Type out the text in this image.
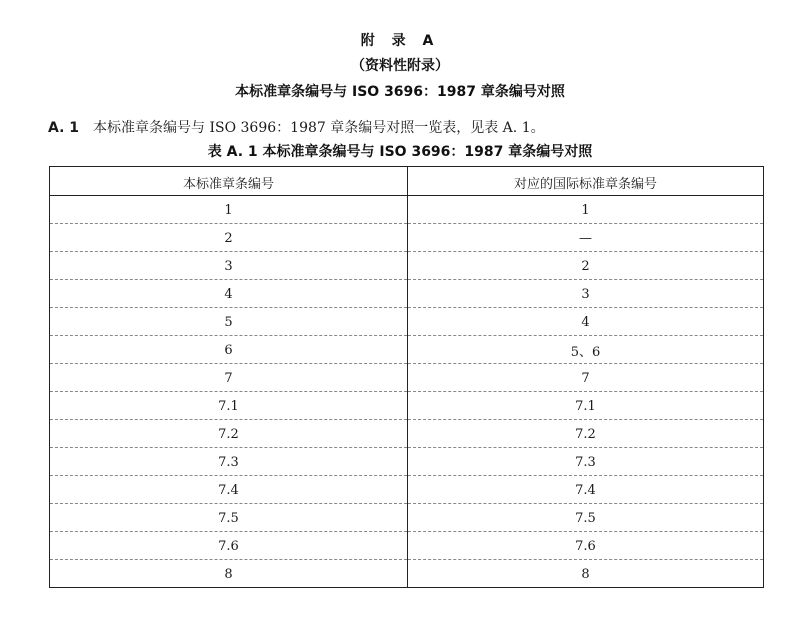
附 录 A
（资料性附录）
本标准章条编号与 ISO 3696：1987 章条编号对照
A. 1 本标准章条编号与 ISO 3696：1987 章条编号对照一览表，见表 A. 1。
表 A. 1 本标准章条编号与 ISO 3696：1987 章条编号对照
本标准章条编号	对应的国际标准章条编号
1	1
2	—
3	2
4	3
5	4
6	5、6
7	7
7.1	7.1
7.2	7.2
7.3	7.3
7.4	7.4
7.5	7.5
7.6	7.6
8	8
